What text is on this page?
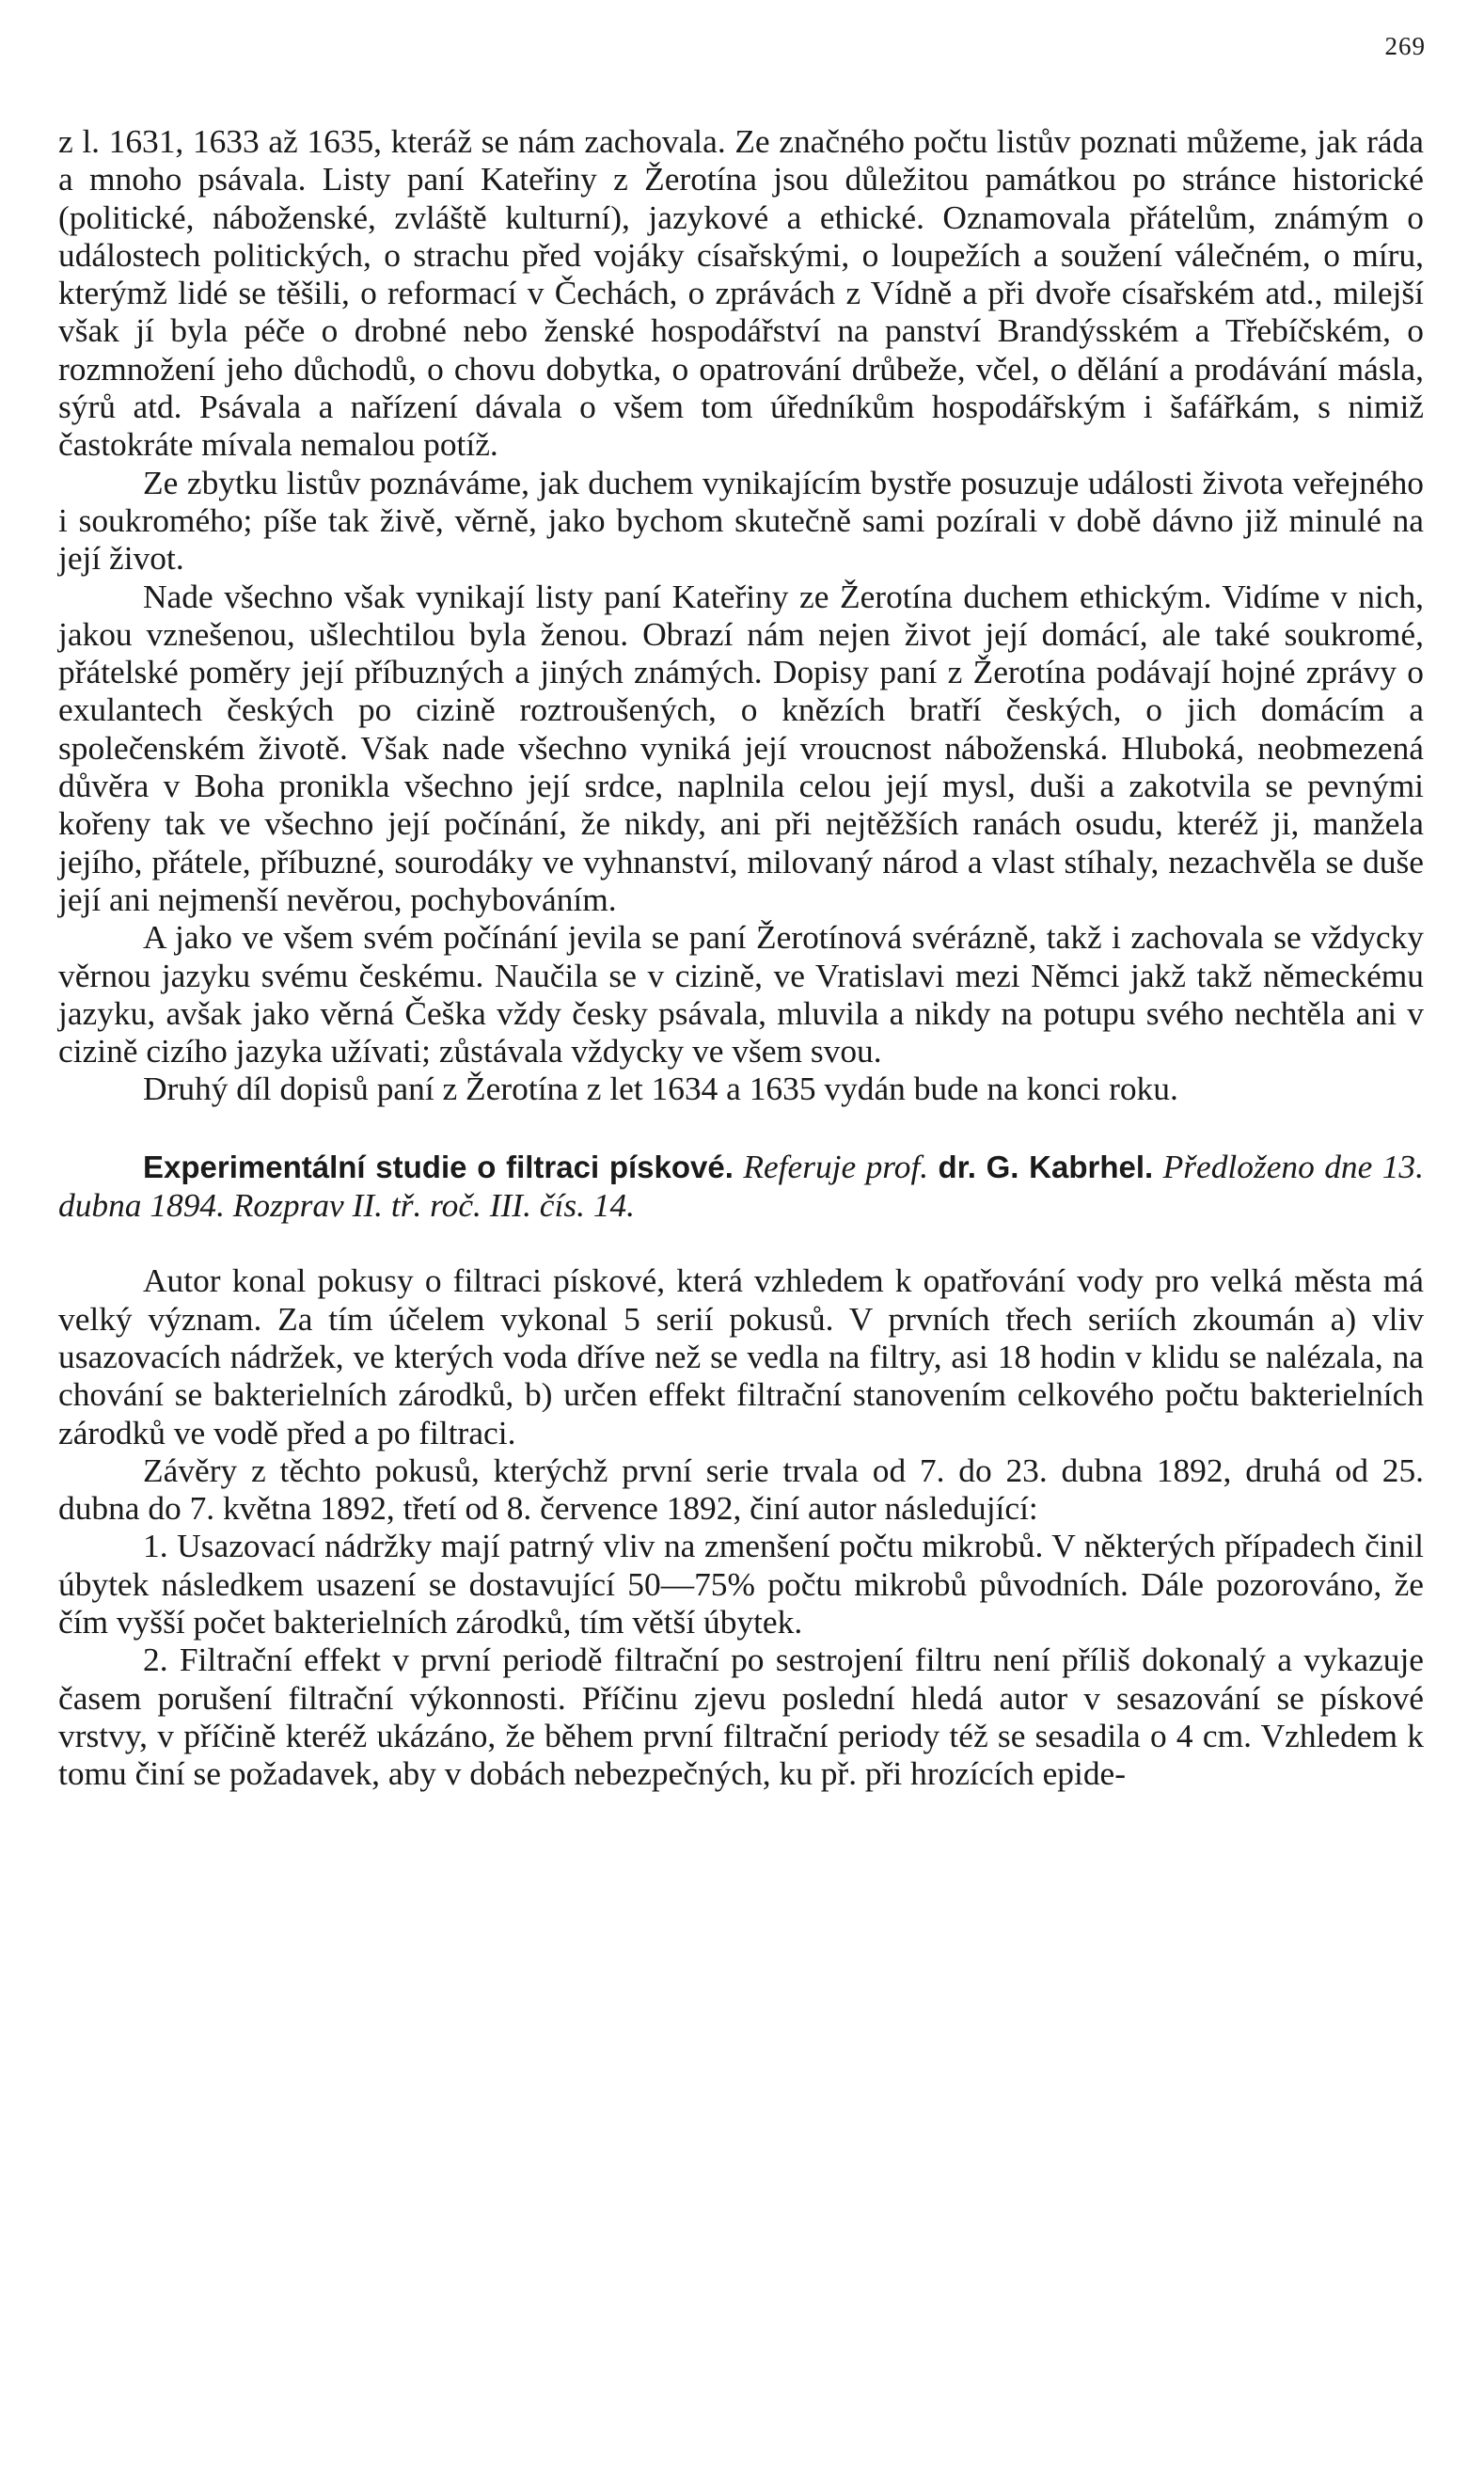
269

z l. 1631, 1633 až 1635, kteráž se nám zachovala. Ze značného počtu listův poznati můžeme, jak ráda a mnoho psávala. Listy paní Kateřiny z Žerotína jsou důležitou památkou po stránce historické (politické, náboženské, zvláště kulturní), jazykové a ethické. Oznamovala přátelům, známým o událostech politických, o strachu před vojáky císařskými, o loupežích a soužení válečném, o míru, kterýmž lidé se těšili, o reformací v Čechách, o zprávách z Vídně a při dvoře císařském atd., milejší však jí byla péče o drobné nebo ženské hospodářství na panství Brandýsském a Třebíčském, o rozmnožení jeho důchodů, o chovu dobytka, o opatrování drůbeže, včel, o dělání a prodávání másla, sýrů atd. Psávala a nařízení dávala o všem tom úředníkům hospodářským i šafářkám, s nimiž častokráte mívala nemalou potíž.

Ze zbytku listův poznáváme, jak duchem vynikajícím bystře posuzuje události života veřejného i soukromého; píše tak živě, věrně, jako bychom skutečně sami pozírali v době dávno již minulé na její život.

Nade všechno však vynikají listy paní Kateřiny ze Žerotína duchem ethickým. Vidíme v nich, jakou vznešenou, ušlechtilou byla ženou. Obrazí nám nejen život její domácí, ale také soukromé, přátelské poměry její příbuzných a jiných známých. Dopisy paní z Žerotína podávají hojné zprávy o exulantech českých po cizině roztroušených, o knězích bratří českých, o jich domácím a společenském životě. Však nade všechno vyniká její vroucnost náboženská. Hluboká, neobmezená důvěra v Boha pronikla všechno její srdce, naplnila celou její mysl, duši a zakotvila se pevnými kořeny tak ve všechno její počínání, že nikdy, ani při nejtěžších ranách osudu, kteréž ji, manžela jejího, přátele, příbuzné, sourodáky ve vyhnanství, milovaný národ a vlast stíhaly, nezachvěla se duše její ani nejmenší nevěrou, pochybováním.

A jako ve všem svém počínání jevila se paní Žerotínová svérázně, takž i zachovala se vždycky věrnou jazyku svému českému. Naučila se v cizině, ve Vratislavi mezi Němci jakž takž německému jazyku, avšak jako věrná Češka vždy česky psávala, mluvila a nikdy na potupu svého nechtěla ani v cizině cizího jazyka užívati; zůstávala vždycky ve všem svou.

Druhý díl dopisů paní z Žerotína z let 1634 a 1635 vydán bude na konci roku.

Experimentální studie o filtraci pískové. Referuje prof. dr. G. Kabrhel. Předloženo dne 13. dubna 1894. Rozprav II. tř. roč. III. čís. 14.

Autor konal pokusy o filtraci pískové, která vzhledem k opatřování vody pro velká města má velký význam. Za tím účelem vykonal 5 serií pokusů. V prvních třech seriích zkoumán a) vliv usazovacích nádržek, ve kterých voda dříve než se vedla na filtry, asi 18 hodin v klidu se nalézala, na chování se bakterielních zárodků, b) určen effekt filtrační stanovením celkového počtu bakterielních zárodků ve vodě před a po filtraci.

Závěry z těchto pokusů, kterýchž první serie trvala od 7. do 23. dubna 1892, druhá od 25. dubna do 7. května 1892, třetí od 8. července 1892, činí autor následující:

1. Usazovací nádržky mají patrný vliv na zmenšení počtu mikrobů. V některých případech činil úbytek následkem usazení se dostavující 50—75% počtu mikrobů původních. Dále pozorováno, že čím vyšší počet bakterielních zárodků, tím větší úbytek.

2. Filtrační effekt v první periodě filtrační po sestrojení filtru není příliš dokonalý a vykazuje časem porušení filtrační výkonnosti. Příčinu zjevu poslední hledá autor v sesazování se pískové vrstvy, v příčině kteréž ukázáno, že během první filtrační periody též se sesadila o 4 cm. Vzhledem k tomu činí se požadavek, aby v dobách nebezpečných, ku př. při hrozících epide-
